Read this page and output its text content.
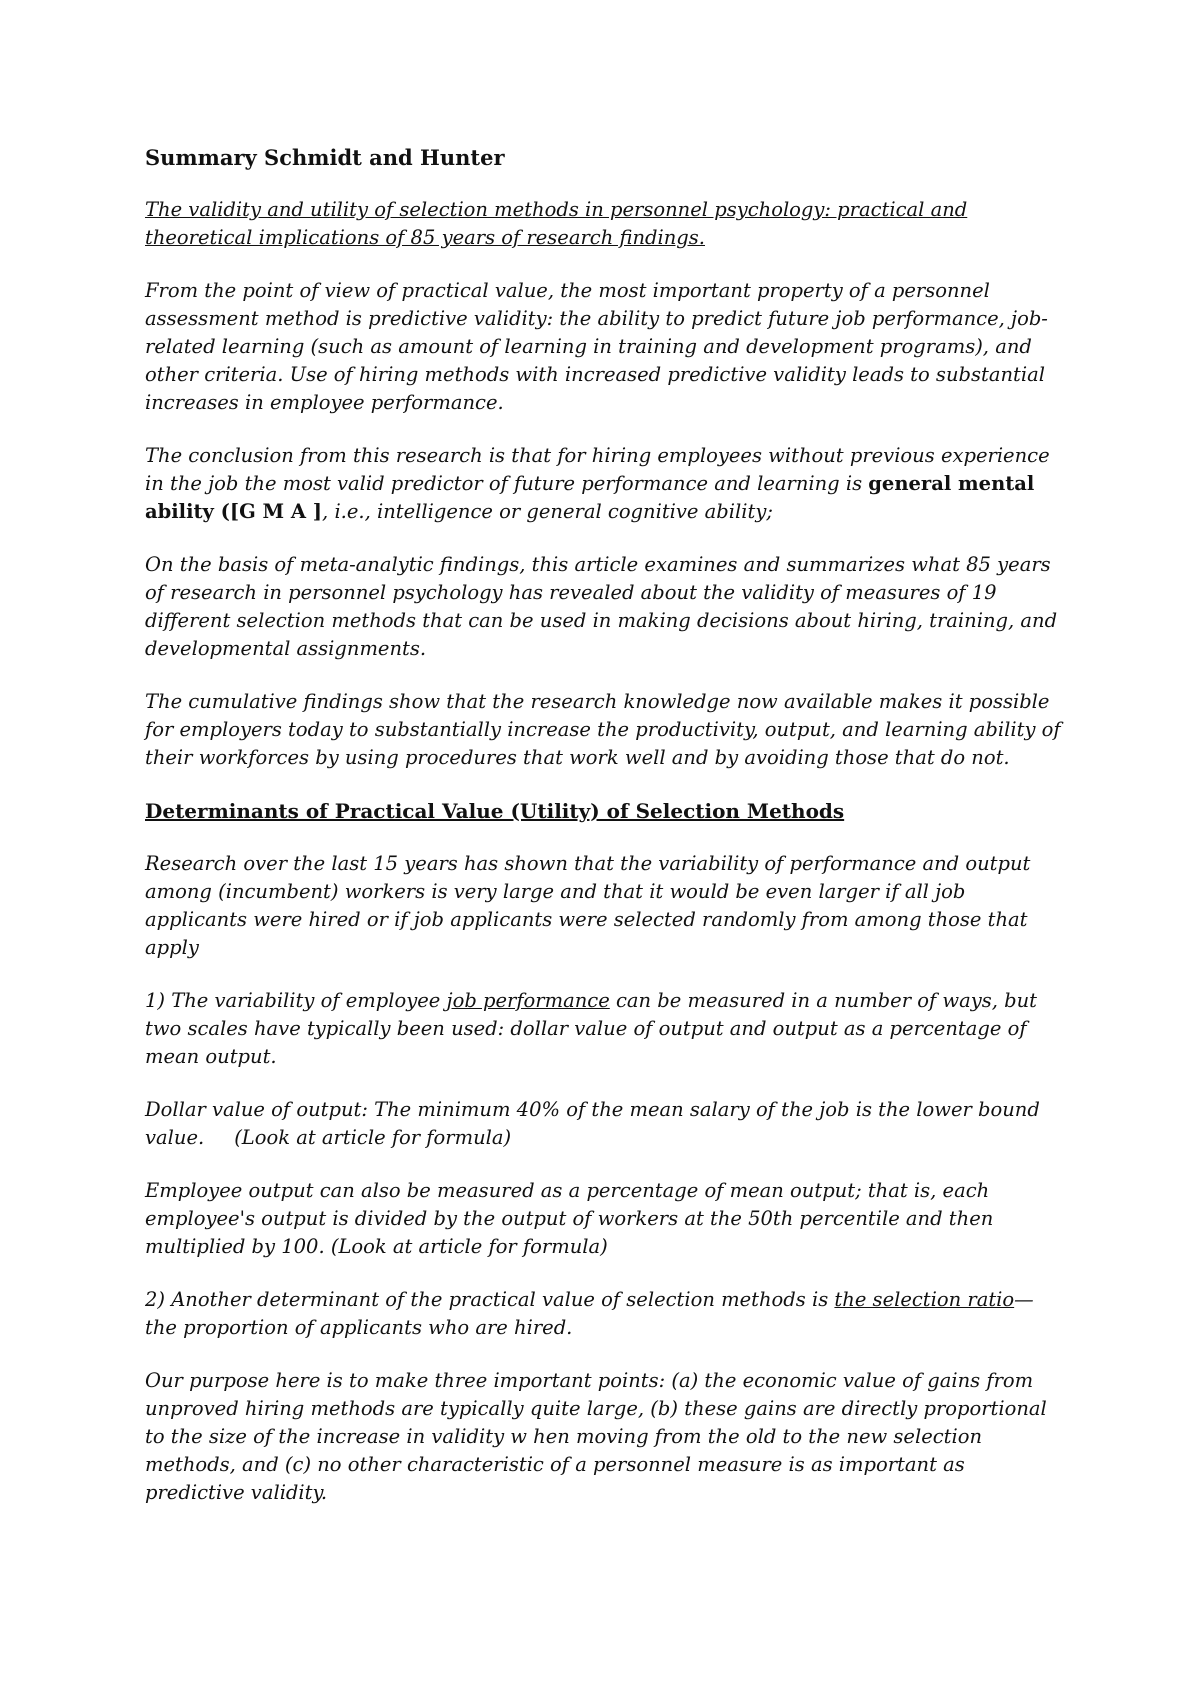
Summary Schmidt and Hunter

The validity and utility of selection methods in personnel psychology: practical and theoretical implications of 85 years of research findings.

From the point of view of practical value, the most important property of a personnel assessment method is predictive validity: the ability to predict future job performance, job-related learning (such as amount of learning in training and development programs), and other criteria. Use of hiring methods with increased predictive validity leads to substantial increases in employee performance.

The conclusion from this research is that for hiring employees without previous experience in the job the most valid predictor of future performance and learning is general mental ability ([G M A ], i.e., intelligence or general cognitive ability;

On the basis of meta-analytic findings, this article examines and summarizes what 85 years of research in personnel psychology has revealed about the validity of measures of 19 different selection methods that can be used in making decisions about hiring, training, and developmental assignments.

The cumulative findings show that the research knowledge now available makes it possible for employers today to substantially increase the productivity, output, and learning ability of their workforces by using procedures that work well and by avoiding those that do not.

Determinants of Practical Value (Utility) of Selection Methods

Research over the last 15 years has shown that the variability of performance and output among (incumbent) workers is very large and that it would be even larger if all job applicants were hired or if job applicants were selected randomly from among those that apply

1) The variability of employee job performance can be measured in a number of ways, but two scales have typically been used: dollar value of output and output as a percentage of mean output.

Dollar value of output: The minimum 40% of the mean salary of the job is the lower bound value. (Look at article for formula)

Employee output can also be measured as a percentage of mean output; that is, each employee's output is divided by the output of workers at the 50th percentile and then multiplied by 100. (Look at article for formula)

2) Another determinant of the practical value of selection methods is the selection ratio— the proportion of applicants who are hired.

Our purpose here is to make three important points: (a) the economic value of gains from unproved hiring methods are typically quite large, (b) these gains are directly proportional to the size of the increase in validity w hen moving from the old to the new selection methods, and (c) no other characteristic of a personnel measure is as important as predictive validity.
